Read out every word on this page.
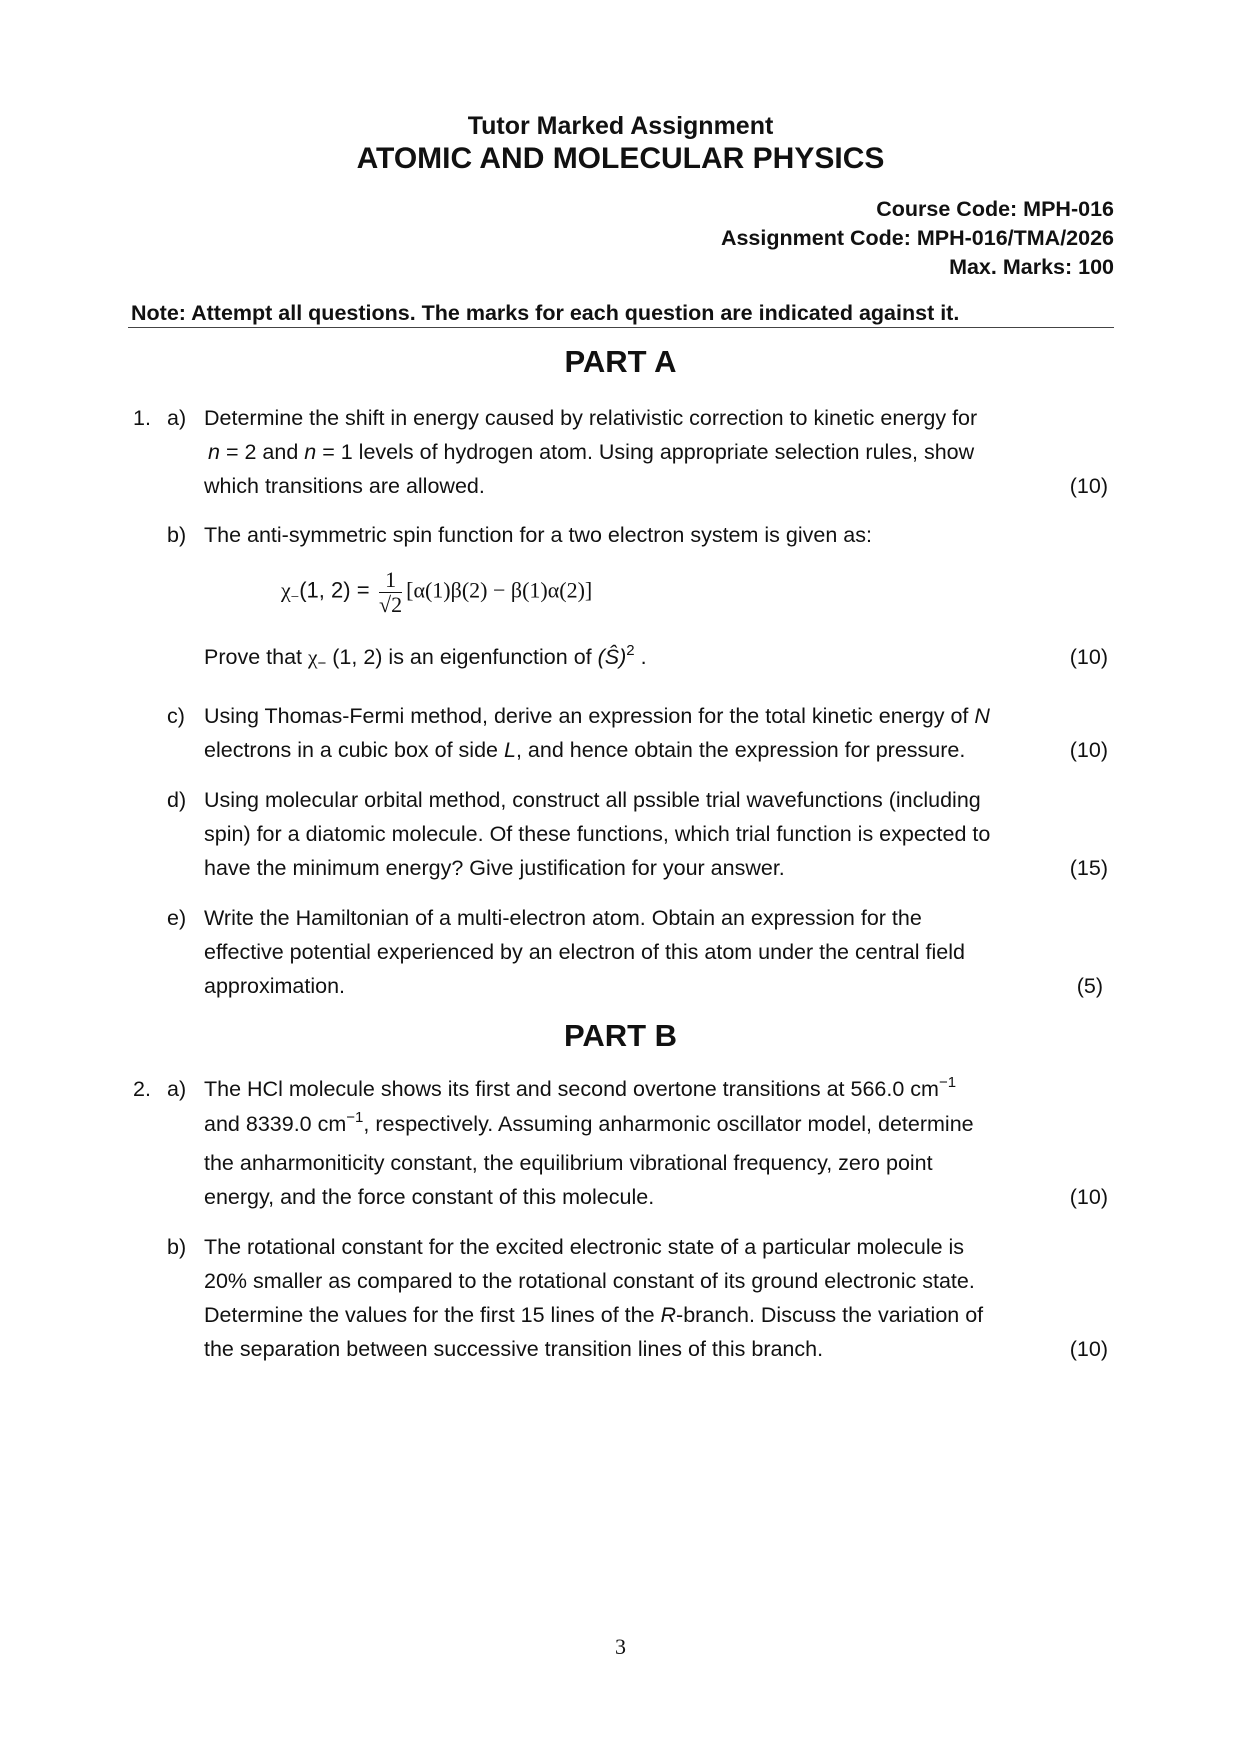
Tutor Marked Assignment
ATOMIC AND MOLECULAR PHYSICS
Course Code: MPH-016
Assignment Code: MPH-016/TMA/2026
Max. Marks: 100
Note: Attempt all questions. The marks for each question are indicated against it.
PART A
1. a) Determine the shift in energy caused by relativistic correction to kinetic energy for
n = 2 and n = 1 levels of hydrogen atom. Using appropriate selection rules, show
which transitions are allowed.	(10)
b) The anti-symmetric spin function for a two electron system is given as:
$\chi_-(1$, $2) = \frac{1}{√2} [\alpha(1)\beta(2) - \beta(1)\alpha(2)]$
Prove that $\chi_-$ (1, 2) is an eigenfunction of (Ŝ)$^2$ .	(10)
c) Using Thomas-Fermi method, derive an expression for the total kinetic energy of N
electrons in a cubic box of side L, and hence obtain the expression for pressure.	(10)
d) Using molecular orbital method, construct all pssible trial wavefunctions (including
spin) for a diatomic molecule. Of these functions, which trial function is expected to
have the minimum energy? Give justification for your answer.	(15)
e) Write the Hamiltonian of a multi-electron atom. Obtain an expression for the
effective potential experienced by an electron of this atom under the central field
approximation.	(5)
PART B
2. a) The HCl molecule shows its first and second overtone transitions at 566.0 $cm^{-1}$
and 8339.0 $cm^{-1}$, respectively. Assuming anharmonic oscillator model, determine
the anharmoniticity constant, the equilibrium vibrational frequency, zero point
energy, and the force constant of this molecule.	(10)
b) The rotational constant for the excited electronic state of a particular molecule is
20% smaller as compared to the rotational constant of its ground electronic state.
Determine the values for the first 15 lines of the R-branch. Discuss the variation of
the separation between successive transition lines of this branch.	(10)
3
